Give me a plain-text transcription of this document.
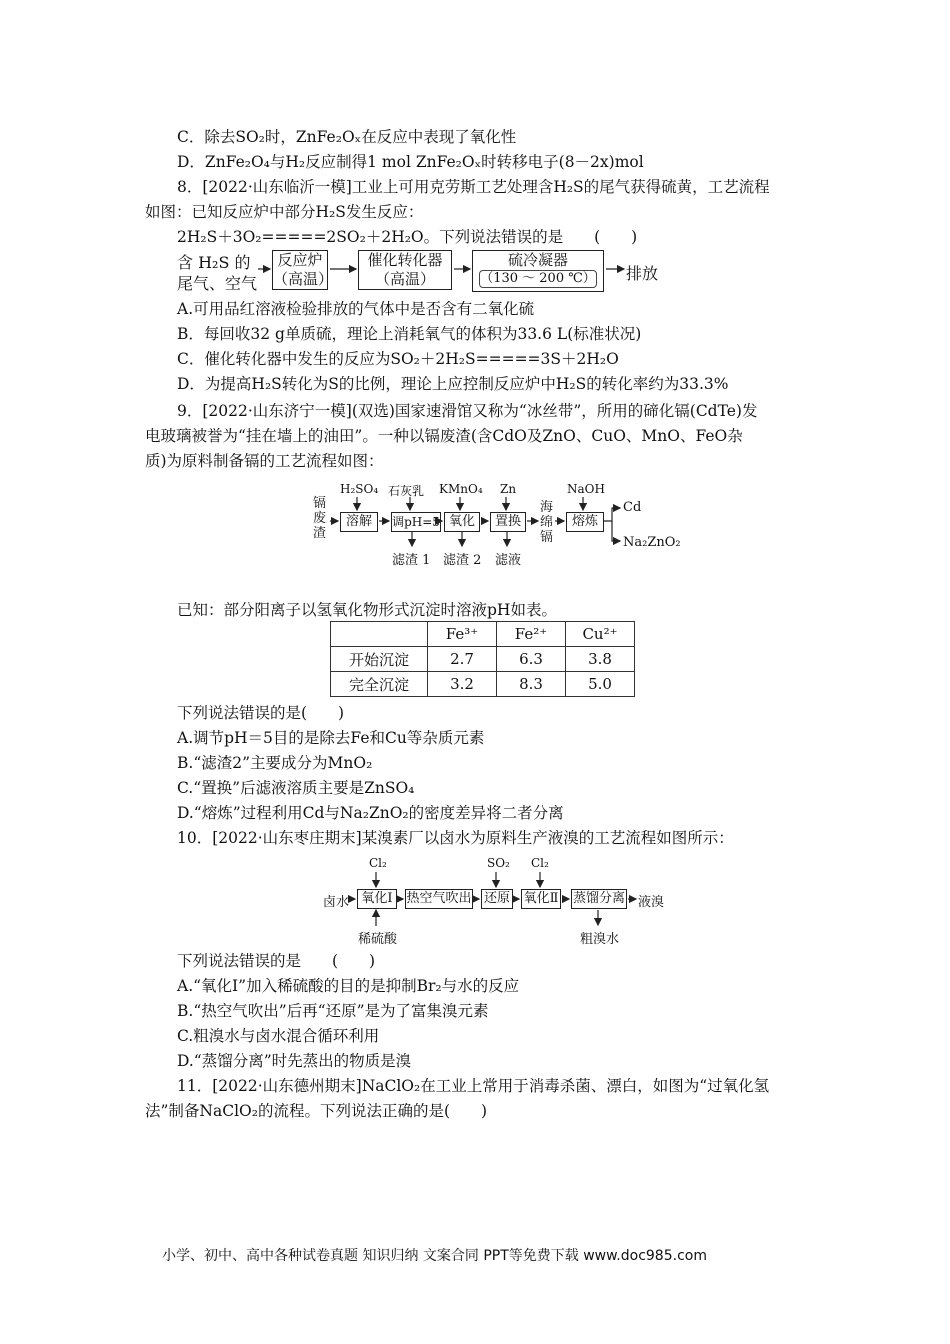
C．除去SO₂时，ZnFe₂Oₓ在反应中表现了氧化性
D．ZnFe₂O₄与H₂反应制得1 mol ZnFe₂Oₓ时转移电子(8－2x)mol
8．[2022·山东临沂一模]工业上可用克劳斯工艺处理含H₂S的尾气获得硫黄，工艺流程
如图：已知反应炉中部分H₂S发生反应：
2H₂S＋3O₂=====2SO₂＋2H₂O。下列说法错误的是　　(　　)
含 H₂S 的
尾气、空气
反应炉
（高温）
催化转化器
（高温）
硫冷凝器
（130 ～ 200 ℃） 排放
A.可用品红溶液检验排放的气体中是否含有二氧化硫
B．每回收32 g单质硫，理论上消耗氧气的体积为33.6 L(标准状况)
C．催化转化器中发生的反应为SO₂＋2H₂S=====3S＋2H₂O
D．为提高H₂S转化为S的比例，理论上应控制反应炉中H₂S的转化率约为33.3%
9．[2022·山东济宁一模](双选)国家速滑馆又称为“冰丝带”，所用的碲化镉(CdTe)发
电玻璃被誉为“挂在墙上的油田”。一种以镉废渣(含CdO及ZnO、CuO、MnO、FeO杂
质)为原料制备镉的工艺流程如图：
镉
废
渣
H₂SO₄ 石灰乳 KMnO₄ Zn	NaOH
溶解	调pH=5 氧化	置换	熔炼
海
绵
镉
滤渣 1 滤渣 2 滤液
Cd
Na₂ZnO₂
已知：部分阳离子以氢氧化物形式沉淀时溶液pH如表。
	Fe³⁺	Fe²⁺	Cu²⁺
开始沉淀	2.7	6.3	3.8
完全沉淀	3.2	8.3	5.0
下列说法错误的是(　　)
A.调节pH＝5目的是除去Fe和Cu等杂质元素
B.“滤渣2”主要成分为MnO₂
C.“置换”后滤液溶质主要是ZnSO₄
D.“熔炼”过程利用Cd与Na₂ZnO₂的密度差异将二者分离
10．[2022·山东枣庄期末]某溴素厂以卤水为原料生产液溴的工艺流程如图所示：
卤水
Cl₂	SO₂ Cl₂
氧化Ⅰ	热空气吹出 还原 氧化Ⅱ 蒸馏分离 液溴
稀硫酸	粗溴水
下列说法错误的是　　(　　)
A.“氧化Ⅰ”加入稀硫酸的目的是抑制Br₂与水的反应
B.“热空气吹出”后再“还原”是为了富集溴元素
C.粗溴水与卤水混合循环利用
D.“蒸馏分离”时先蒸出的物质是溴
11．[2022·山东德州期末]NaClO₂在工业上常用于消毒杀菌、漂白，如图为“过氧化氢
法”制备NaClO₂的流程。下列说法正确的是(　　)
小学、初中、高中各种试卷真题 知识归纳 文案合同 PPT等免费下载 www.doc985.com
